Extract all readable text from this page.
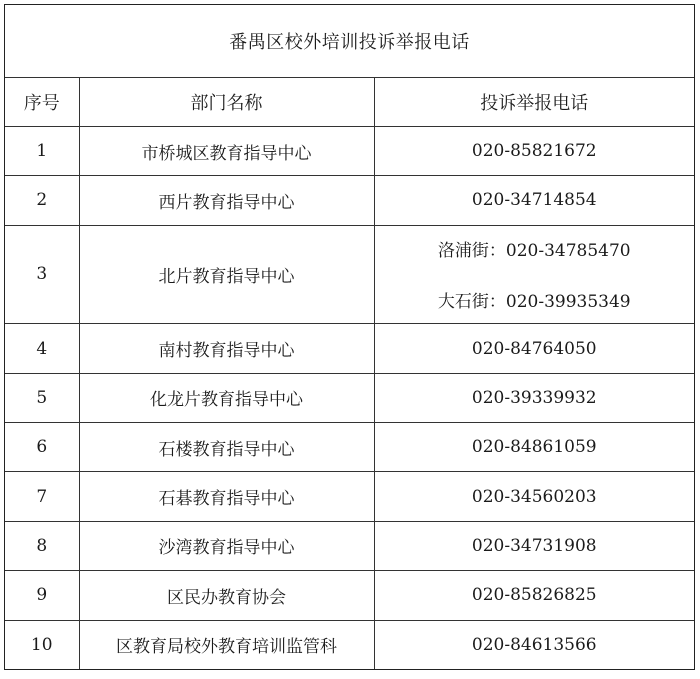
番禺区校外培训投诉举报电话		
序号	部门名称	投诉举报电话
1	市桥城区教育指导中心	020-85821672
2	西片教育指导中心	020-34714854
3	北片教育指导中心	洛浦街：020-34785470
大石街：020-39935349

4	南村教育指导中心	020-84764050
5	化龙片教育指导中心	020-39339932
6	石楼教育指导中心	020-84861059
7	石碁教育指导中心	020-34560203
8	沙湾教育指导中心	020-34731908
9	区民办教育协会	020-85826825
10	区教育局校外教育培训监管科	020-84613566
